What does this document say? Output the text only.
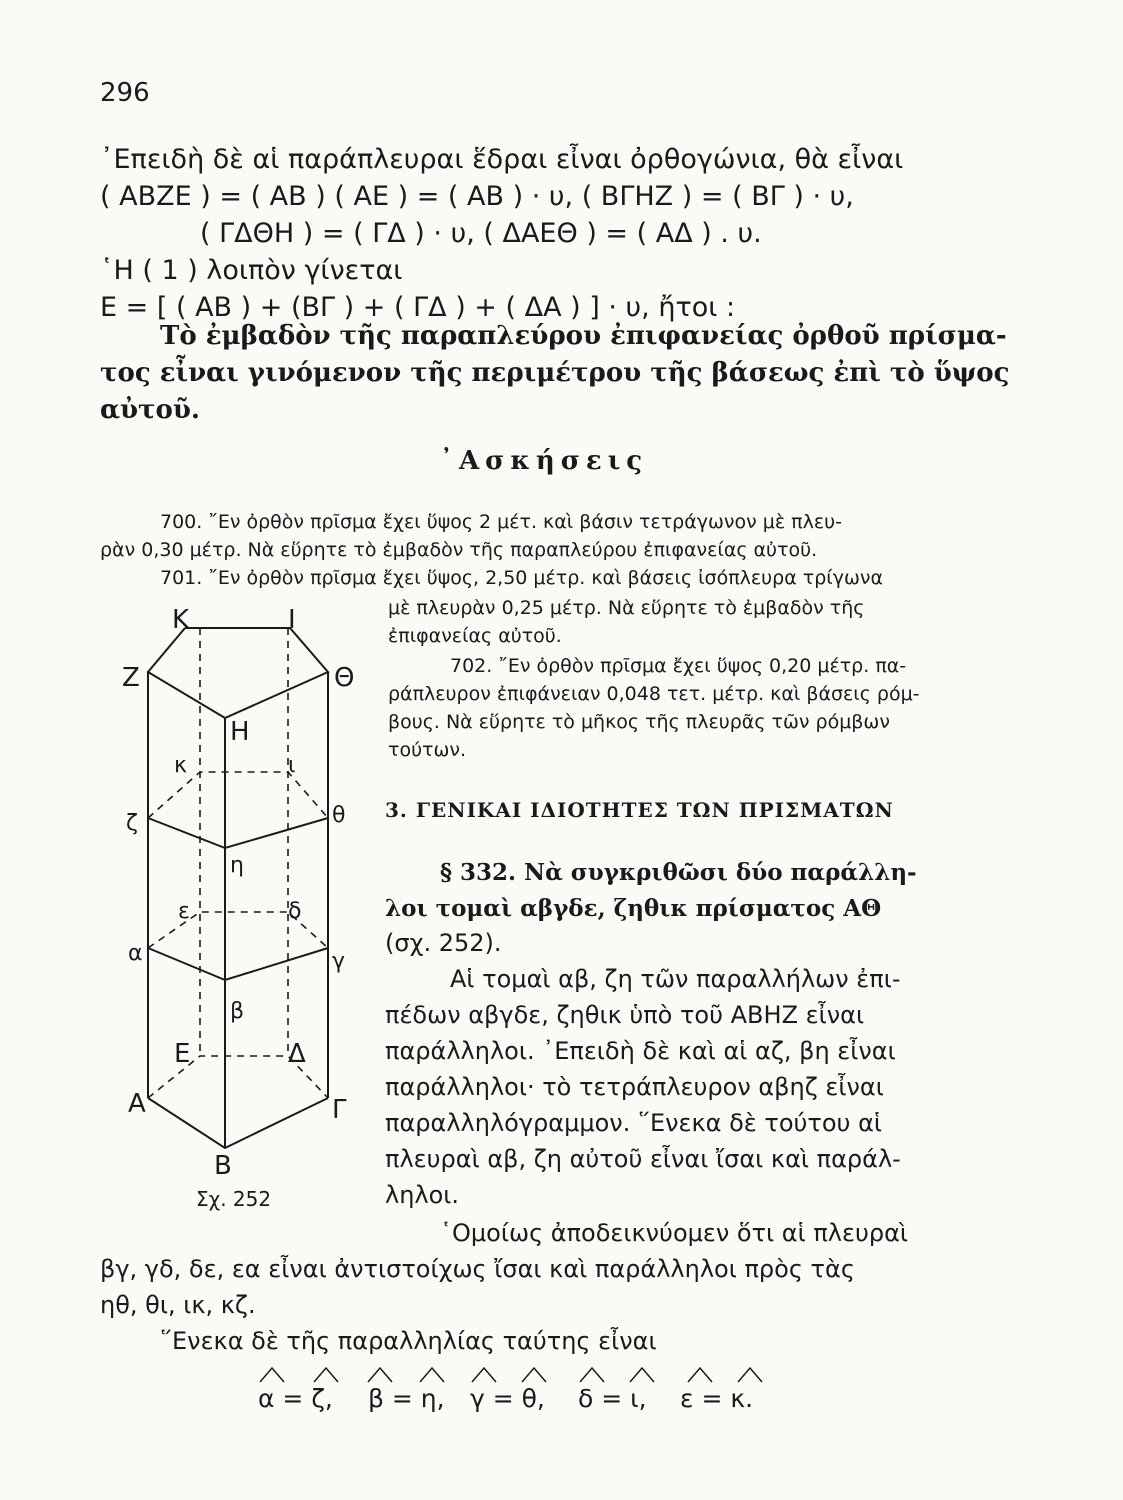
296
᾿Επειδὴ δὲ αἱ παράπλευραι ἕδραι εἶναι ὀρθογώνια, θὰ εἶναι
( ΑΒΖΕ ) = ( ΑΒ ) ( ΑΕ ) = ( ΑΒ ) · υ, ( ΒΓΗΖ ) = ( ΒΓ ) · υ,
( ΓΔΘΗ ) = ( ΓΔ ) · υ, ( ΔΑΕΘ ) = ( ΑΔ ) . υ.
῾Η ( 1 ) λοιπὸν γίνεται
Ε = [ ( ΑΒ ) + (ΒΓ ) + ( ΓΔ ) + ( ΔΑ ) ] · υ, ἤτοι :
Τὸ ἐμβαδὸν τῆς παραπλεύρου ἐπιφανείας ὀρθοῦ πρίσμα-
τος εἶναι γινόμενον τῆς περιμέτρου τῆς βάσεως ἐπὶ τὸ ὕψος
αὐτοῦ.
᾿Ασκήσεις
700. ῎Εν ὀρθὸν πρῖσμα ἔχει ὕψος 2 μέτ. καὶ βάσιν τετράγωνον μὲ πλευ-
ρὰν 0,30 μέτρ. Νὰ εὕρητε τὸ ἐμβαδὸν τῆς παραπλεύρου ἐπιφανείας αὐτοῦ.
701. ῎Εν ὀρθὸν πρῖσμα ἔχει ὕψος, 2,50 μέτρ. καὶ βάσεις ἰσόπλευρα τρίγωνα
μὲ πλευρὰν 0,25 μέτρ. Νὰ εὕρητε τὸ ἐμβαδὸν τῆς
ἐπιφανείας αὐτοῦ.
702. ῎Εν ὀρθὸν πρῖσμα ἔχει ὕψος 0,20 μέτρ. πα-
ράπλευρον ἐπιφάνειαν 0,048 τετ. μέτρ. καὶ βάσεις ρόμ-
βους. Νὰ εὕρητε τὸ μῆκος τῆς πλευρᾶς τῶν ρόμβων
τούτων.
3. ΓΕΝΙΚΑΙ ΙΔΙΟΤΗΤΕΣ ΤΩΝ ΠΡΙΣΜΑΤΩΝ
§ 332. Νὰ συγκριθῶσι δύο παράλλη-
λοι τομαὶ αβγδε, ζηθικ πρίσματος ΑΘ
(σχ. 252).
Αἱ τομαὶ αβ, ζη τῶν παραλλήλων ἐπι-
πέδων αβγδε, ζηθικ ὑπὸ τοῦ ΑΒΗΖ εἶναι
παράλληλοι. ᾿Επειδὴ δὲ καὶ αἱ αζ, βη εἶναι
παράλληλοι· τὸ τετράπλευρον αβηζ εἶναι
παραλληλόγραμμον. ῞Ενεκα δὲ τούτου αἱ
πλευραὶ αβ, ζη αὐτοῦ εἶναι ἴσαι καὶ παράλ-
ληλοι.
῾Ομοίως ἀποδεικνύομεν ὅτι αἱ πλευραὶ
βγ, γδ, δε, εα εἶναι ἀντιστοίχως ἴσαι καὶ παράλληλοι πρὸς τὰς
ηθ, θι, ικ, κζ.
῞Ενεκα δὲ τῆς παραλληλίας ταύτης εἶναι
α = ζ, β = η, γ = θ, δ = ι, ε = κ.
Κ	Ι
Ζ	Θ
Η
κ	ι
ζ	θ
η
ε	δ
α	γ
β
Ε	Δ
Α	Γ
Β
Σχ. 252
